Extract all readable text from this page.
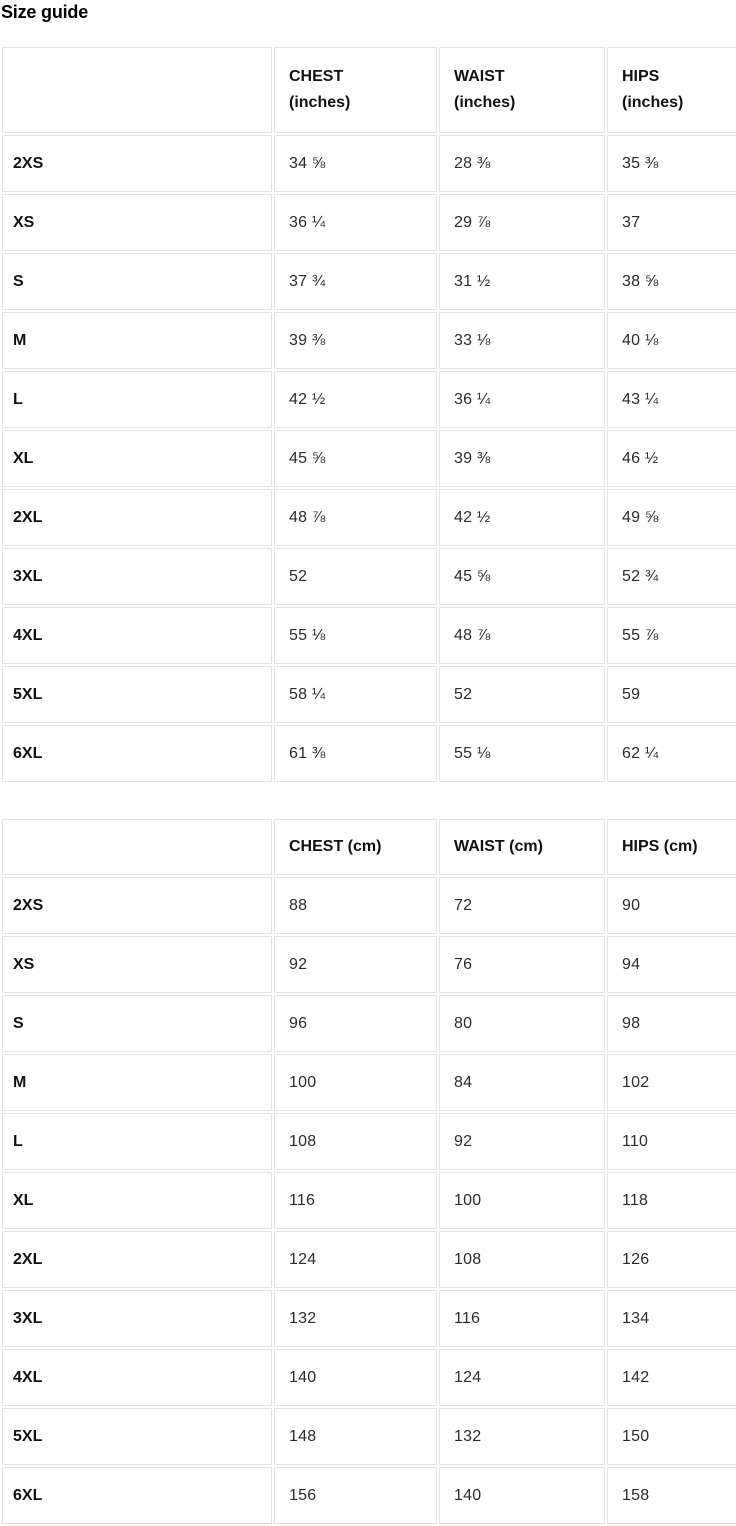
Size guide
	CHEST (inches)	WAIST (inches)	HIPS (inches)
2XS	34 ⅝	28 ⅜	35 ⅜
XS	36 ¼	29 ⅞	37
S	37 ¾	31 ½	38 ⅝
M	39 ⅜	33 ⅛	40 ⅛
L	42 ½	36 ¼	43 ¼
XL	45 ⅝	39 ⅜	46 ½
2XL	48 ⅞	42 ½	49 ⅝
3XL	52	45 ⅝	52 ¾
4XL	55 ⅛	48 ⅞	55 ⅞
5XL	58 ¼	52	59
6XL	61 ⅜	55 ⅛	62 ¼
	CHEST (cm)	WAIST (cm)	HIPS (cm)
2XS	88	72	90
XS	92	76	94
S	96	80	98
M	100	84	102
L	108	92	110
XL	116	100	118
2XL	124	108	126
3XL	132	116	134
4XL	140	124	142
5XL	148	132	150
6XL	156	140	158
